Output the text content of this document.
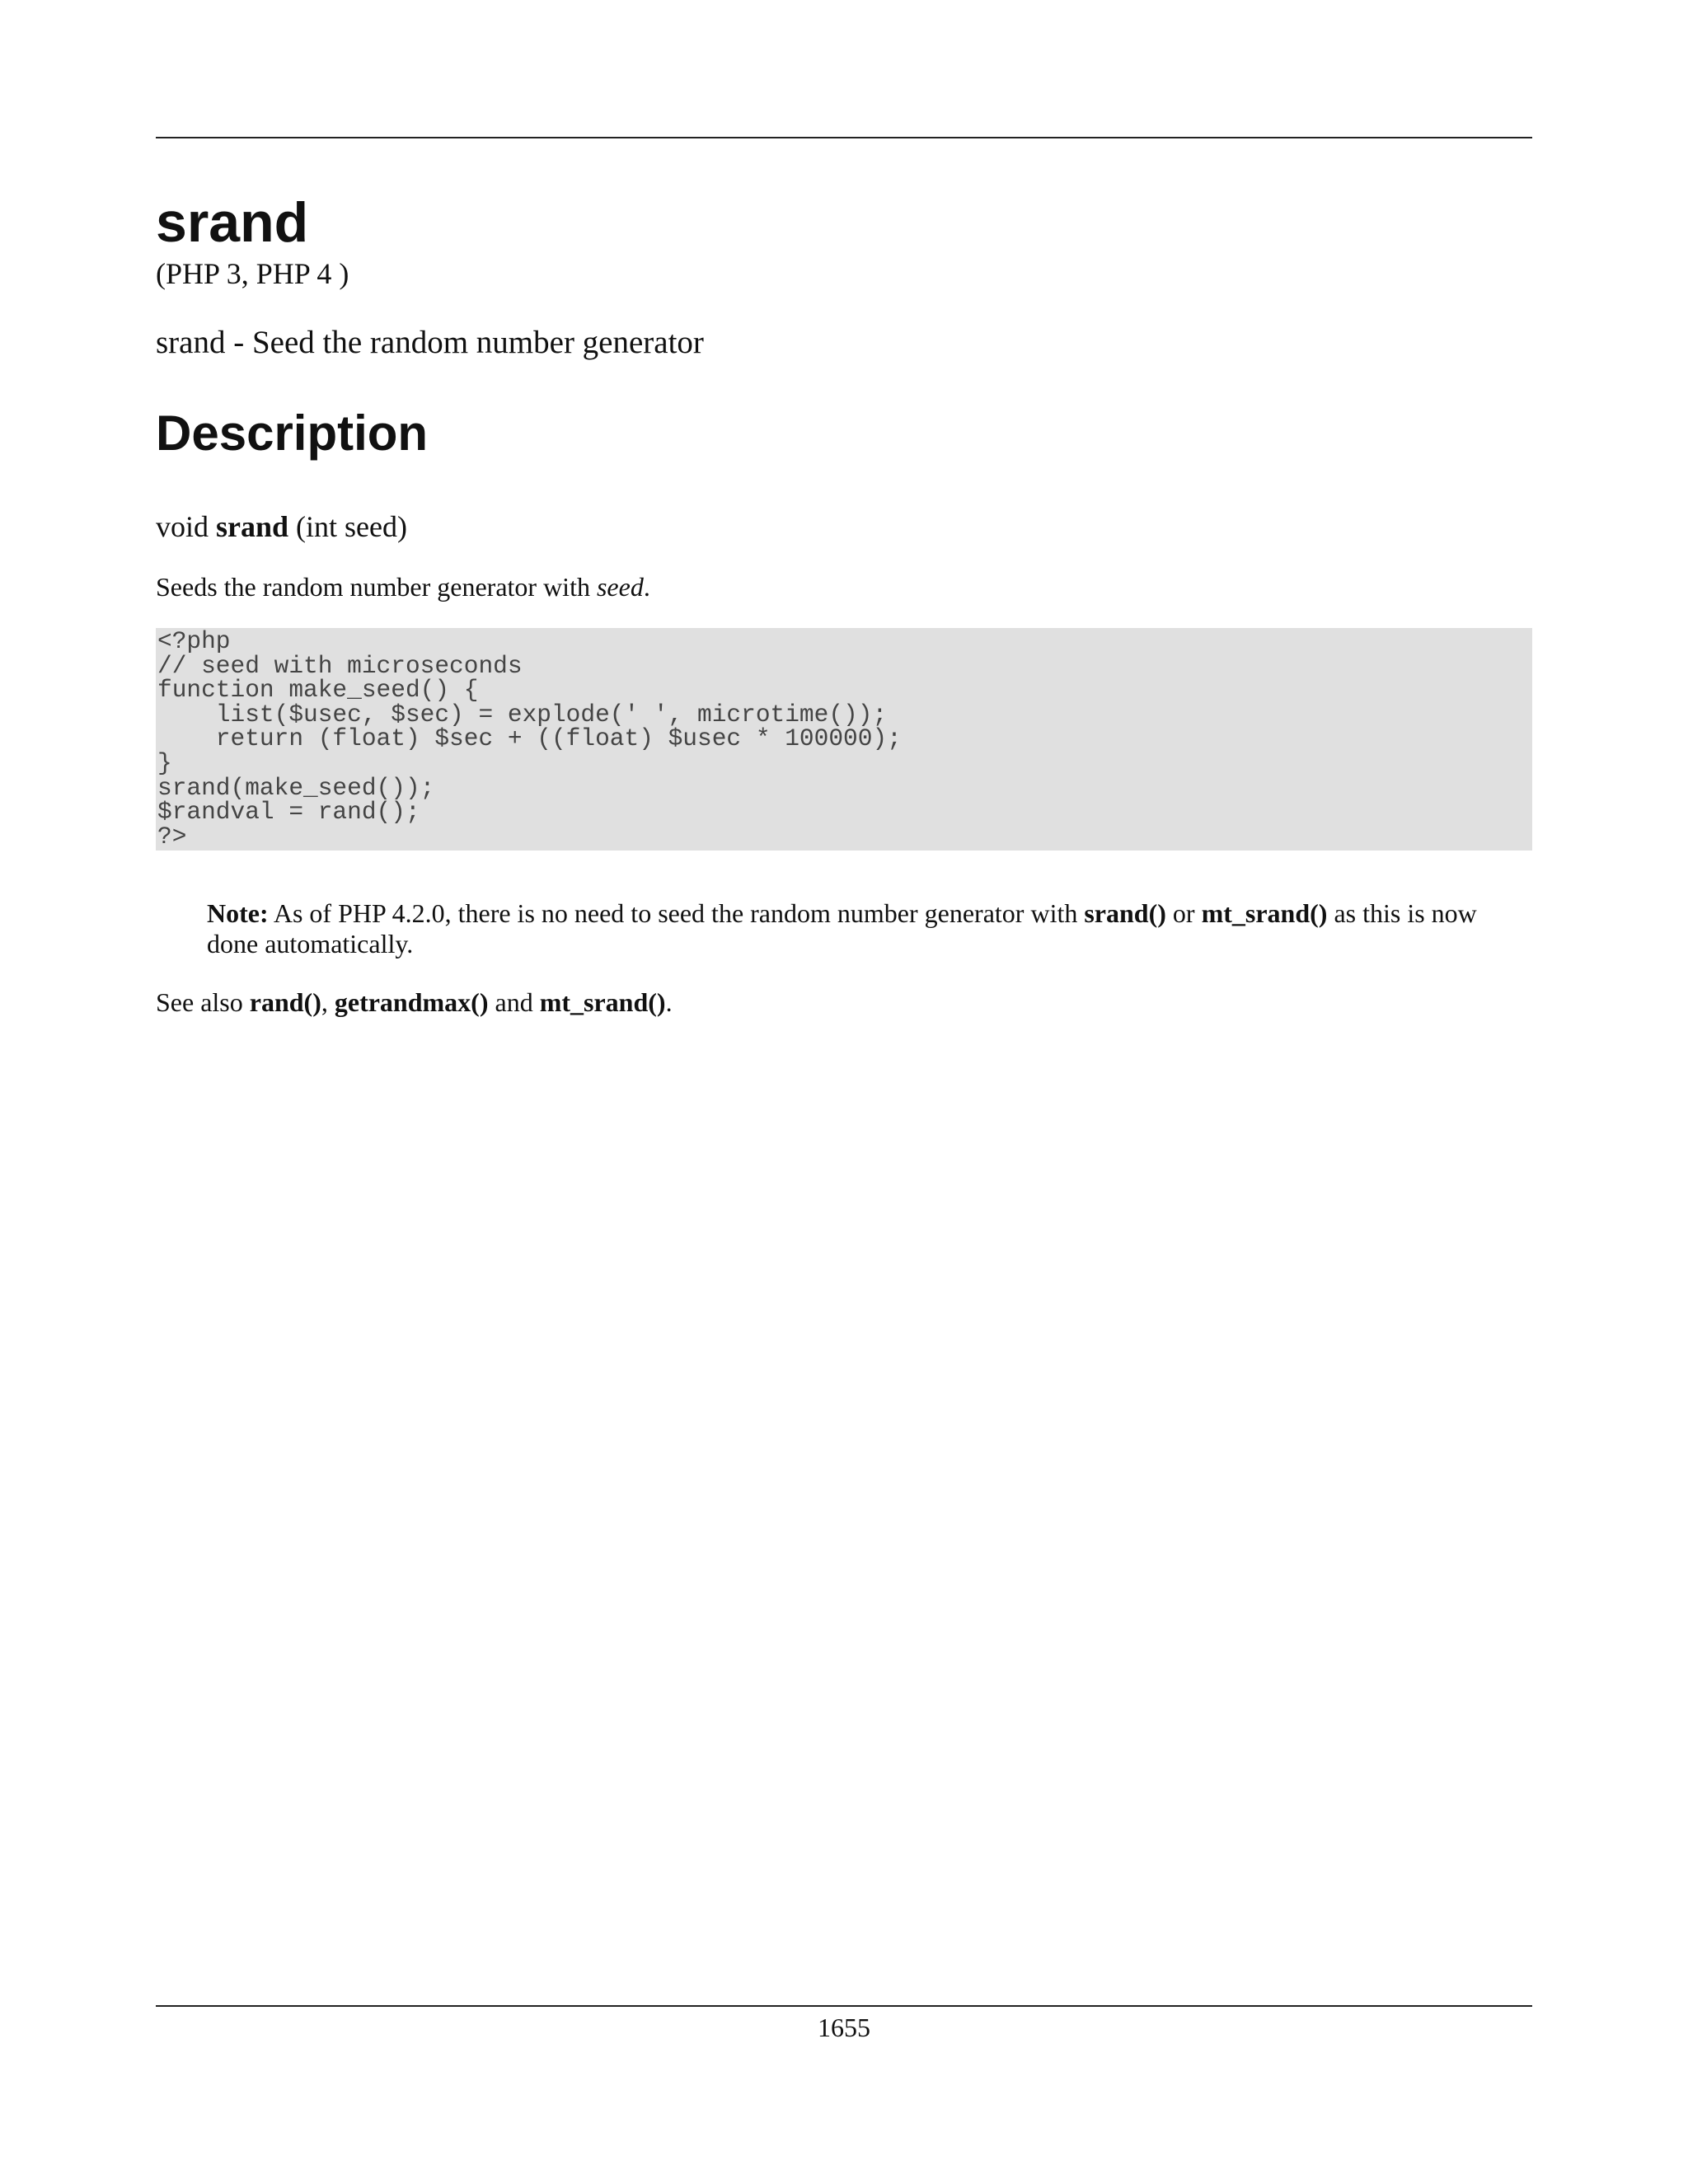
srand
(PHP 3, PHP 4 )
srand - Seed the random number generator
Description
void srand (int seed)
Seeds the random number generator with seed.
<?php
// seed with microseconds
function make_seed() {
list($usec, $sec) = explode(' ', microtime());
return (float) $sec + ((float) $usec * 100000);
}
srand(make_seed());
$randval = rand();
?>
Note: As of PHP 4.2.0, there is no need to seed the random number generator with srand() or mt_srand() as this is now done automatically.
See also rand(), getrandmax() and mt_srand().
1655
